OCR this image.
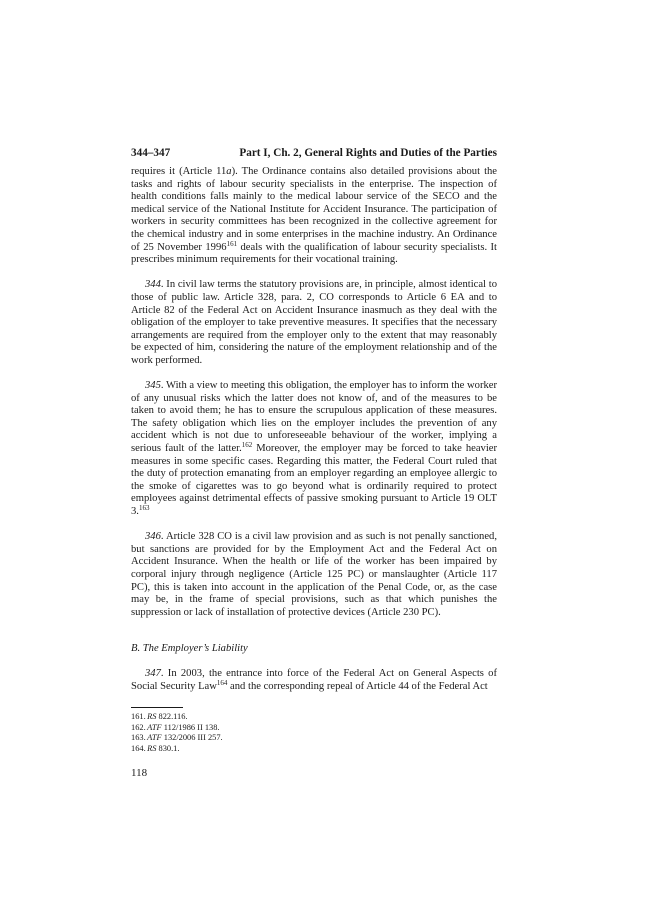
344–347	Part I, Ch. 2, General Rights and Duties of the Parties

requires it (Article 11a). The Ordinance contains also detailed provisions about the tasks and rights of labour security specialists in the enterprise. The inspection of health conditions falls mainly to the medical labour service of the SECO and the medical service of the National Institute for Accident Insurance. The participation of workers in security committees has been recognized in the collective agreement for the chemical industry and in some enterprises in the machine industry. An Ordinance of 25 November 1996$^{161}$ deals with the qualification of labour security specialists. It prescribes minimum requirements for their vocational training.

344. In civil law terms the statutory provisions are, in principle, almost identical to those of public law. Article 328, para. 2, CO corresponds to Article 6 EA and to Article 82 of the Federal Act on Accident Insurance inasmuch as they deal with the obligation of the employer to take preventive measures. It specifies that the necessary arrangements are required from the employer only to the extent that may reasonably be expected of him, considering the nature of the employment relationship and of the work performed.

345. With a view to meeting this obligation, the employer has to inform the worker of any unusual risks which the latter does not know of, and of the measures to be taken to avoid them; he has to ensure the scrupulous application of these measures. The safety obligation which lies on the employer includes the prevention of any accident which is not due to unforeseeable behaviour of the worker, implying a serious fault of the latter.$^{162}$ Moreover, the employer may be forced to take heavier measures in some specific cases. Regarding this matter, the Federal Court ruled that the duty of protection emanating from an employer regarding an employee allergic to the smoke of cigarettes was to go beyond what is ordinarily required to protect employees against detrimental effects of passive smoking pursuant to Article 19 OLT 3.$^{163}$

346. Article 328 CO is a civil law provision and as such is not penally sanctioned, but sanctions are provided for by the Employment Act and the Federal Act on Accident Insurance. When the health or life of the worker has been impaired by corporal injury through negligence (Article 125 PC) or manslaughter (Article 117 PC), this is taken into account in the application of the Penal Code, or, as the case may be, in the frame of special provisions, such as that which punishes the suppression or lack of installation of protective devices (Article 230 PC).

B. The Employer’s Liability

347. In 2003, the entrance into force of the Federal Act on General Aspects of Social Security Law$^{164}$ and the corresponding repeal of Article 44 of the Federal Act

161. RS 822.116.
162. ATF 112/1986 II 138.
163. ATF 132/2006 III 257.
164. RS 830.1.
118
